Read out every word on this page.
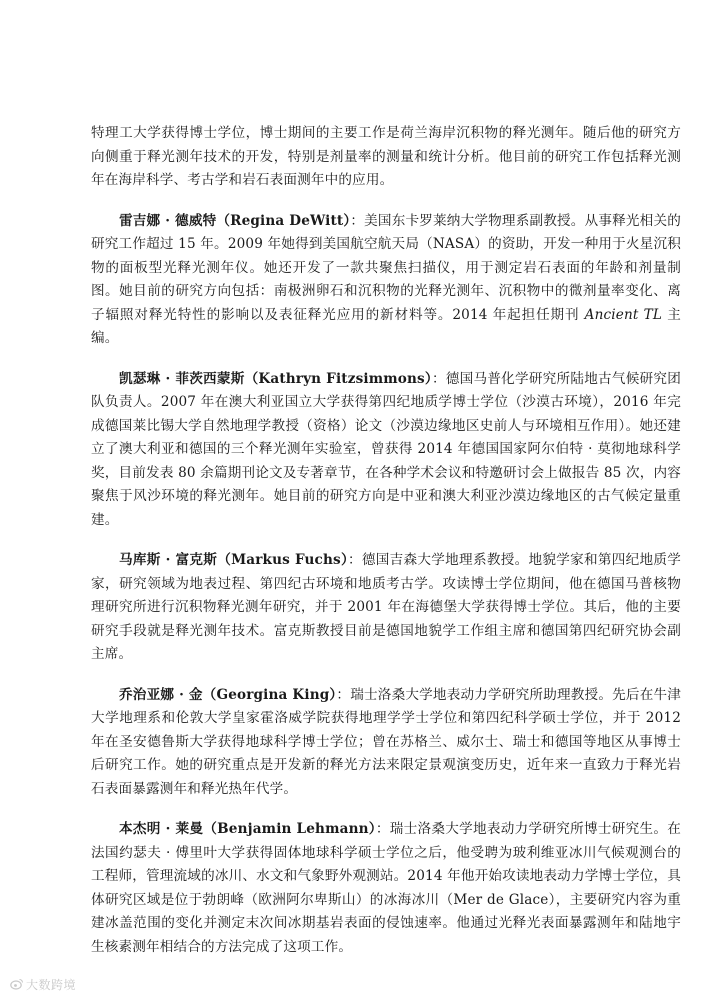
特理工大学获得博士学位，博士期间的主要工作是荷兰海岸沉积物的释光测年。随后他的研究方向侧重于释光测年技术的开发，特别是剂量率的测量和统计分析。他目前的研究工作包括释光测年在海岸科学、考古学和岩石表面测年中的应用。

雷吉娜 · 德威特（Regina DeWitt）：美国东卡罗莱纳大学物理系副教授。从事释光相关的研究工作超过 15 年。2009 年她得到美国航空航天局（NASA）的资助，开发一种用于火星沉积物的面板型光释光测年仪。她还开发了一款共聚焦扫描仪，用于测定岩石表面的年龄和剂量制图。她目前的研究方向包括：南极洲卵石和沉积物的光释光测年、沉积物中的微剂量率变化、离子辐照对释光特性的影响以及表征释光应用的新材料等。2014 年起担任期刊 Ancient TL 主编。

凯瑟琳 · 菲茨西蒙斯（Kathryn Fitzsimmons）：德国马普化学研究所陆地古气候研究团队负责人。2007 年在澳大利亚国立大学获得第四纪地质学博士学位（沙漠古环境），2016 年完成德国莱比锡大学自然地理学教授（资格）论文（沙漠边缘地区史前人与环境相互作用）。她还建立了澳大利亚和德国的三个释光测年实验室，曾获得 2014 年德国国家阿尔伯特 · 莫彻地球科学奖，目前发表 80 余篇期刊论文及专著章节，在各种学术会议和特邀研讨会上做报告 85 次，内容聚焦于风沙环境的释光测年。她目前的研究方向是中亚和澳大利亚沙漠边缘地区的古气候定量重建。

马库斯 · 富克斯（Markus Fuchs）：德国吉森大学地理系教授。地貌学家和第四纪地质学家，研究领域为地表过程、第四纪古环境和地质考古学。攻读博士学位期间，他在德国马普核物理研究所进行沉积物释光测年研究，并于 2001 年在海德堡大学获得博士学位。其后，他的主要研究手段就是释光测年技术。富克斯教授目前是德国地貌学工作组主席和德国第四纪研究协会副主席。

乔治亚娜 · 金（Georgina King）：瑞士洛桑大学地表动力学研究所助理教授。先后在牛津大学地理系和伦敦大学皇家霍洛威学院获得地理学学士学位和第四纪科学硕士学位，并于 2012 年在圣安德鲁斯大学获得地球科学博士学位；曾在苏格兰、威尔士、瑞士和德国等地区从事博士后研究工作。她的研究重点是开发新的释光方法来限定景观演变历史，近年来一直致力于释光岩石表面暴露测年和释光热年代学。

本杰明 · 莱曼（Benjamin Lehmann）：瑞士洛桑大学地表动力学研究所博士研究生。在法国约瑟夫 · 傅里叶大学获得固体地球科学硕士学位之后，他受聘为玻利维亚冰川气候观测台的工程师，管理流域的冰川、水文和气象野外观测站。2014 年他开始攻读地表动力学博士学位，具体研究区域是位于勃朗峰（欧洲阿尔卑斯山）的冰海冰川（Mer de Glace），主要研究内容为重建冰盖范围的变化并测定末次间冰期基岩表面的侵蚀速率。他通过光释光表面暴露测年和陆地宇生核素测年相结合的方法完成了这项工作。

大数跨境
